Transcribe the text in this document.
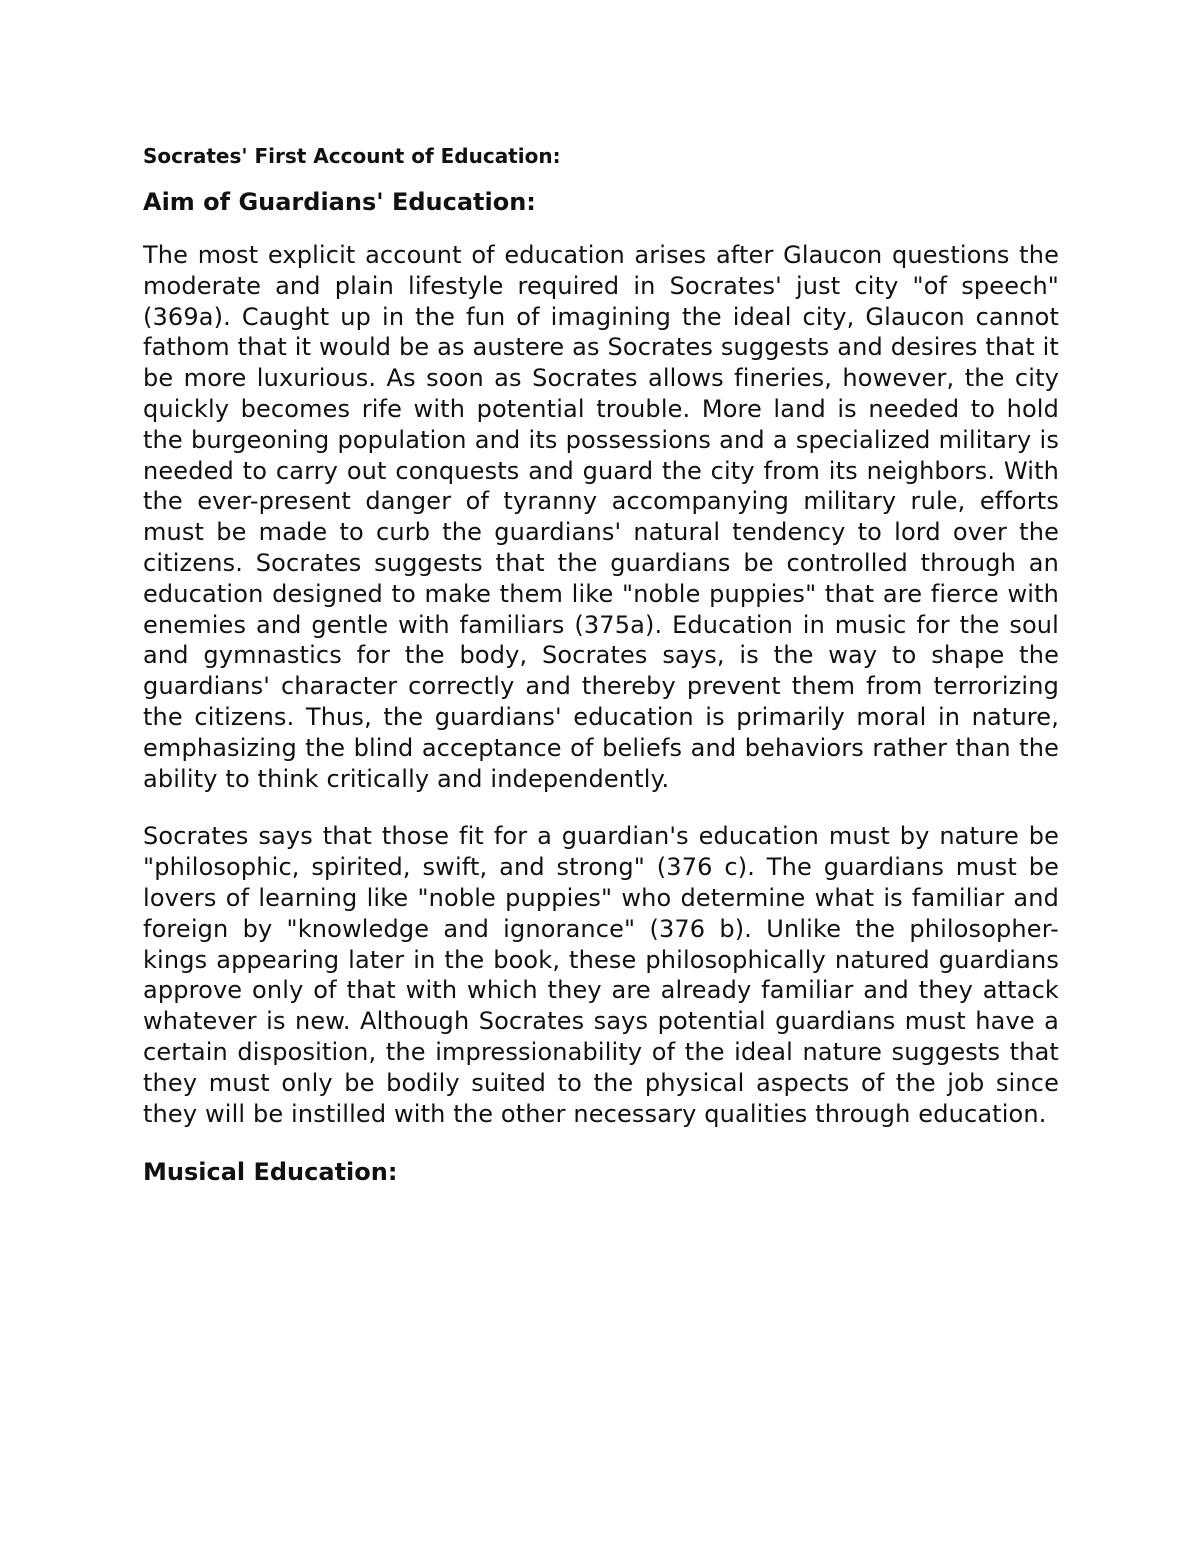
Socrates' First Account of Education:
Aim of Guardians' Education:

The most explicit account of education arises after Glaucon questions the moderate and plain lifestyle required in Socrates' just city "of speech" (369a). Caught up in the fun of imagining the ideal city, Glaucon cannot fathom that it would be as austere as Socrates suggests and desires that it be more luxurious. As soon as Socrates allows fineries, however, the city quickly becomes rife with potential trouble. More land is needed to hold the burgeoning population and its possessions and a specialized military is needed to carry out conquests and guard the city from its neighbors. With the ever-present danger of tyranny accompanying military rule, efforts must be made to curb the guardians' natural tendency to lord over the citizens. Socrates suggests that the guardians be controlled through an education designed to make them like "noble puppies" that are fierce with enemies and gentle with familiars (375a). Education in music for the soul and gymnastics for the body, Socrates says, is the way to shape the guardians' character correctly and thereby prevent them from terrorizing the citizens. Thus, the guardians' education is primarily moral in nature, emphasizing the blind acceptance of beliefs and behaviors rather than the ability to think critically and independently.

Socrates says that those fit for a guardian's education must by nature be "philosophic, spirited, swift, and strong" (376 c). The guardians must be lovers of learning like "noble puppies" who determine what is familiar and foreign by "knowledge and ignorance" (376 b). Unlike the philosopher-kings appearing later in the book, these philosophically natured guardians approve only of that with which they are already familiar and they attack whatever is new. Although Socrates says potential guardians must have a certain disposition, the impressionability of the ideal nature suggests that they must only be bodily suited to the physical aspects of the job since they will be instilled with the other necessary qualities through education.

Musical Education:
